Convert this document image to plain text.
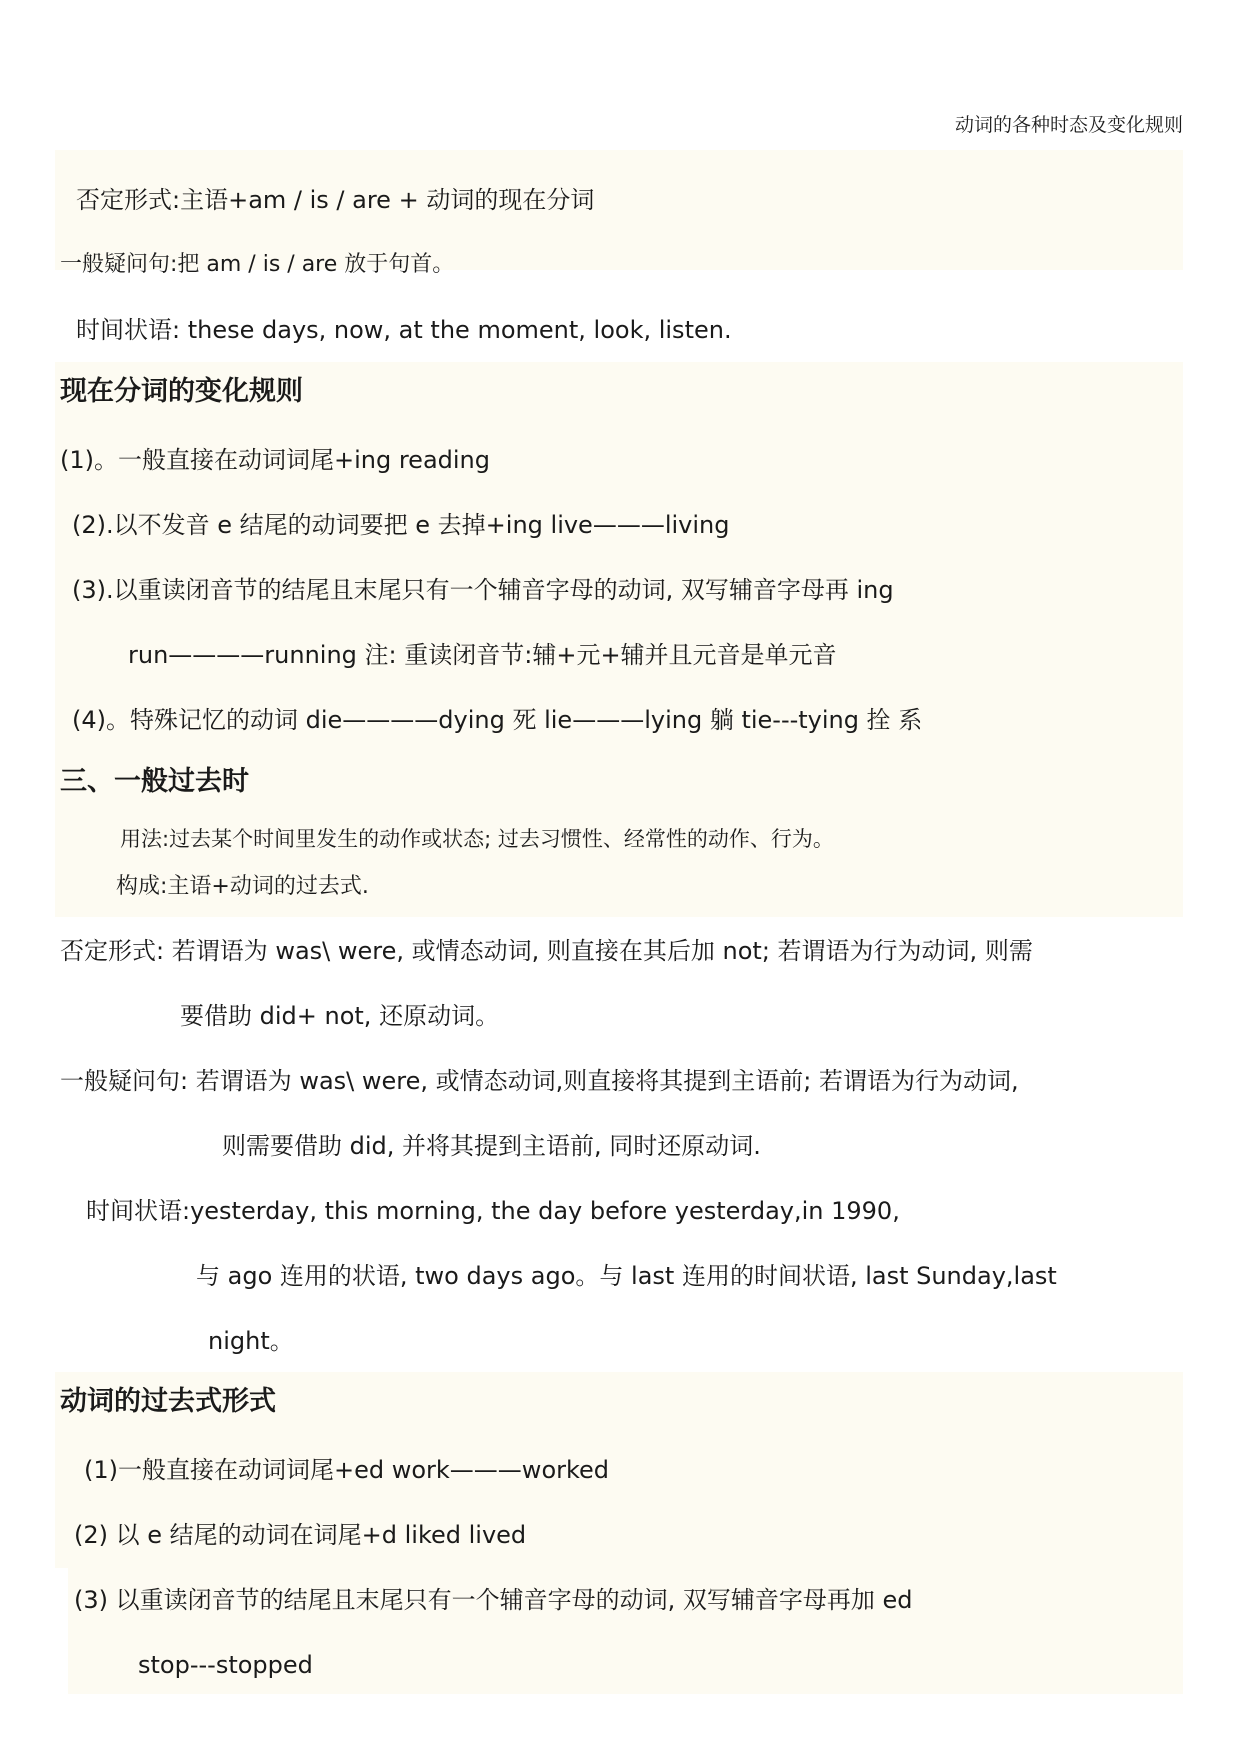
动词的各种时态及变化规则
否定形式:主语+am / is / are + 动词的现在分词
一般疑问句:把 am / is / are 放于句首。
时间状语: these days, now, at the moment, look, listen.
现在分词的变化规则
(1)。一般直接在动词词尾+ing reading
(2).以不发音 e 结尾的动词要把 e 去掉+ing live———living
(3).以重读闭音节的结尾且末尾只有一个辅音字母的动词, 双写辅音字母再 ing
run————running 注: 重读闭音节:辅+元+辅并且元音是单元音
(4)。特殊记忆的动词 die————dying 死 lie———lying 躺 tie---tying 拴 系
三、一般过去时
用法:过去某个时间里发生的动作或状态; 过去习惯性、经常性的动作、行为。
构成:主语+动词的过去式.
否定形式: 若谓语为 was\ were, 或情态动词, 则直接在其后加 not; 若谓语为行为动词, 则需
要借助 did+ not, 还原动词。
一般疑问句: 若谓语为 was\ were, 或情态动词,则直接将其提到主语前; 若谓语为行为动词,
则需要借助 did, 并将其提到主语前, 同时还原动词.
时间状语:yesterday, this morning, the day before yesterday,in 1990,
与 ago 连用的状语, two days ago。与 last 连用的时间状语, last Sunday,last
night。
动词的过去式形式
(1)一般直接在动词词尾+ed work———worked
(2) 以 e 结尾的动词在词尾+d liked lived
(3) 以重读闭音节的结尾且末尾只有一个辅音字母的动词, 双写辅音字母再加 ed
stop---stopped
